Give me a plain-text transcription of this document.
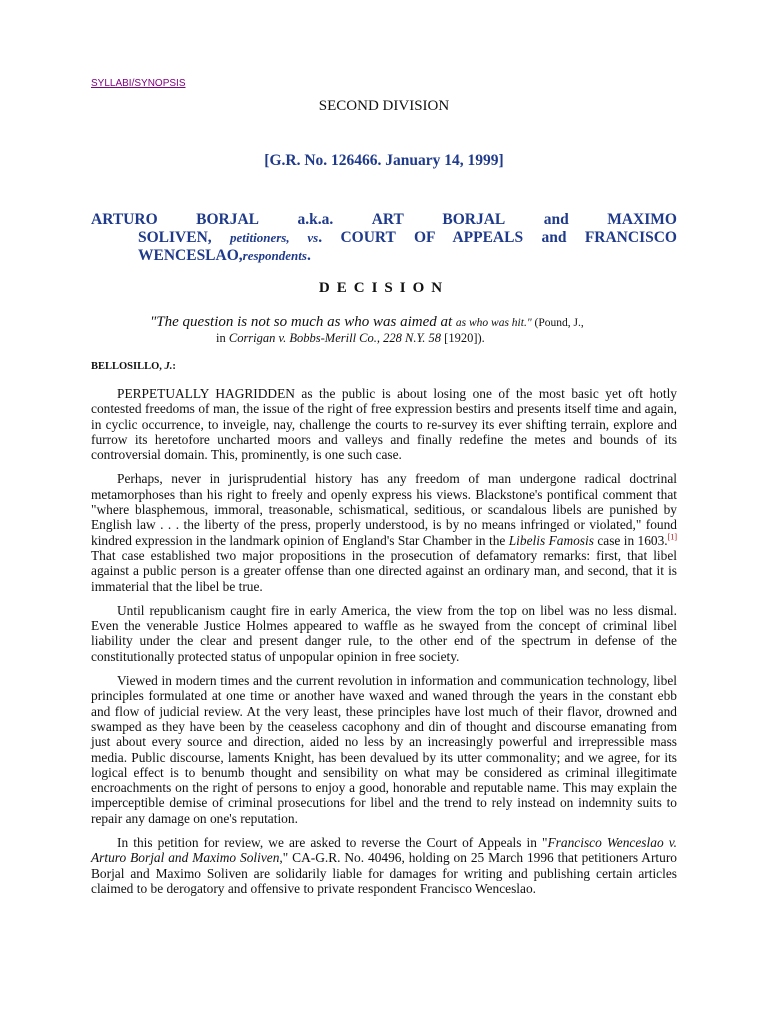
SYLLABI/SYNOPSIS
SECOND DIVISION
[G.R. No. 126466. January 14, 1999]
ARTURO BORJAL a.k.a. ART BORJAL and MAXIMO
SOLIVEN, petitioners, vs. COURT OF APPEALS and FRANCISCO
WENCESLAO,respondents.
DECISION
"The question is not so much as who was aimed at as who was hit." (Pound, J.,
in Corrigan v. Bobbs-Merill Co., 228 N.Y. 58 [1920]).
BELLOSILLO, J.:

PERPETUALLY HAGRIDDEN as the public is about losing one of the most basic yet oft hotly contested freedoms of man, the issue of the right of free expression bestirs and presents itself time and again, in cyclic occurrence, to inveigle, nay, challenge the courts to re-survey its ever shifting terrain, explore and furrow its heretofore uncharted moors and valleys and finally redefine the metes and bounds of its controversial domain. This, prominently, is one such case.

Perhaps, never in jurisprudential history has any freedom of man undergone radical doctrinal metamorphoses than his right to freely and openly express his views. Blackstone's pontifical comment that "where blasphemous, immoral, treasonable, schismatical, seditious, or scandalous libels are punished by English law . . . the liberty of the press, properly understood, is by no means infringed or violated," found kindred expression in the landmark opinion of England's Star Chamber in the Libelis Famosis case in 1603.[1] That case established two major propositions in the prosecution of defamatory remarks: first, that libel against a public person is a greater offense than one directed against an ordinary man, and second, that it is immaterial that the libel be true.

Until republicanism caught fire in early America, the view from the top on libel was no less dismal. Even the venerable Justice Holmes appeared to waffle as he swayed from the concept of criminal libel liability under the clear and present danger rule, to the other end of the spectrum in defense of the constitutionally protected status of unpopular opinion in free society.

Viewed in modern times and the current revolution in information and communication technology, libel principles formulated at one time or another have waxed and waned through the years in the constant ebb and flow of judicial review. At the very least, these principles have lost much of their flavor, drowned and swamped as they have been by the ceaseless cacophony and din of thought and discourse emanating from just about every source and direction, aided no less by an increasingly powerful and irrepressible mass media. Public discourse, laments Knight, has been devalued by its utter commonality; and we agree, for its logical effect is to benumb thought and sensibility on what may be considered as criminal illegitimate encroachments on the right of persons to enjoy a good, honorable and reputable name. This may explain the imperceptible demise of criminal prosecutions for libel and the trend to rely instead on indemnity suits to repair any damage on one's reputation.

In this petition for review, we are asked to reverse the Court of Appeals in "Francisco Wenceslao v. Arturo Borjal and Maximo Soliven," CA-G.R. No. 40496, holding on 25 March 1996 that petitioners Arturo Borjal and Maximo Soliven are solidarily liable for damages for writing and publishing certain articles claimed to be derogatory and offensive to private respondent Francisco Wenceslao.
